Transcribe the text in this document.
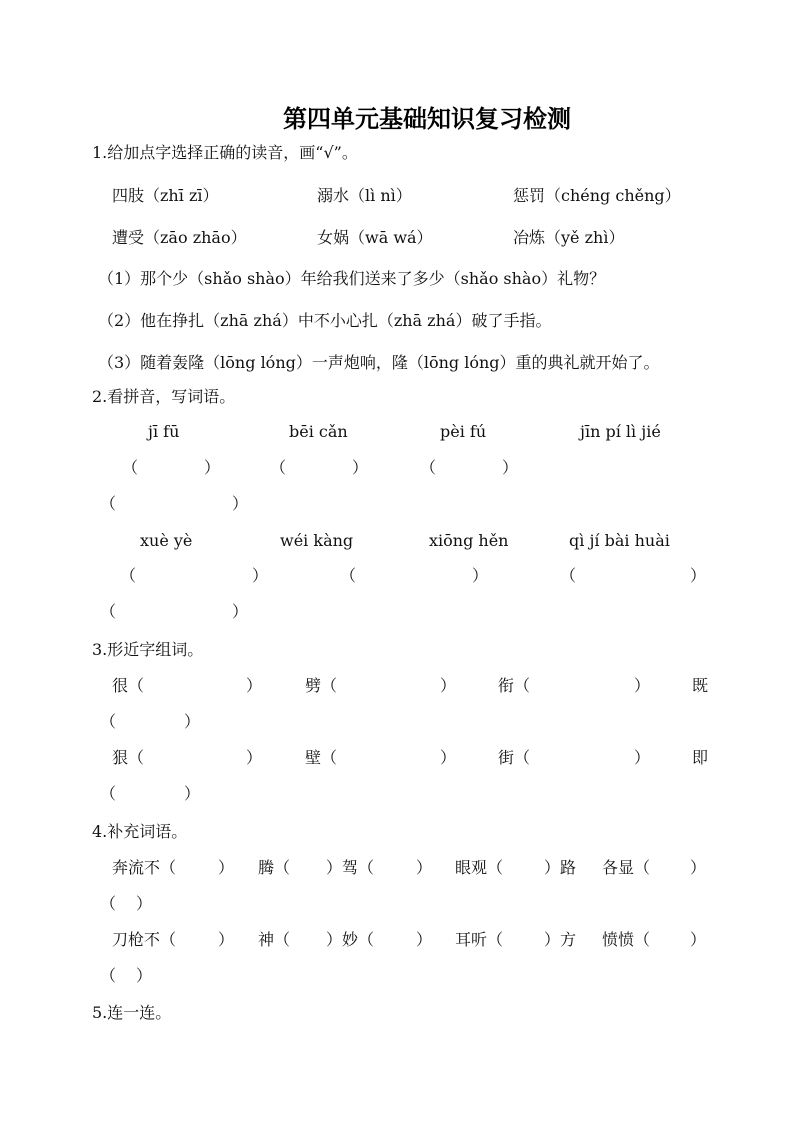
第四单元基础知识复习检测
1.给加点字选择正确的读音，画“√”。
四肢（zhī zī）	溺水（lì nì）	惩罚（chéng chěng）
遭受（zāo zhāo）	女娲（wā wá）	冶炼（yě zhì）
（1）那个少（shǎo shào）年给我们送来了多少（shǎo shào）礼物？
（2）他在挣扎（zhā zhá）中不小心扎（zhā zhá）破了手指。
（3）随着轰隆（lōng lóng）一声炮响，隆（lōng lóng）重的典礼就开始了。
2.看拼音，写词语。
jī fū	bēi cǎn	pèi fú	jīn pí lì jié
（	）	（	）	（	）
（	）
xuè yè	wéi kàng	xiōng hěn	qì jí bài huài
（	）	（	）	（	）
（	）
3.形近字组词。
很（	）	劈（	）	衔（	）	既
（	）
狠（	）	壁（	）	街（	）	即
（	）
4.补充词语。
奔流不（	） 腾（ ）驾（	） 眼观（	）路 各显（ ）
（ ）
刀枪不（	） 神（ ）妙（	） 耳听（	）方 愤愤（ ）
（ ）
5.连一连。
